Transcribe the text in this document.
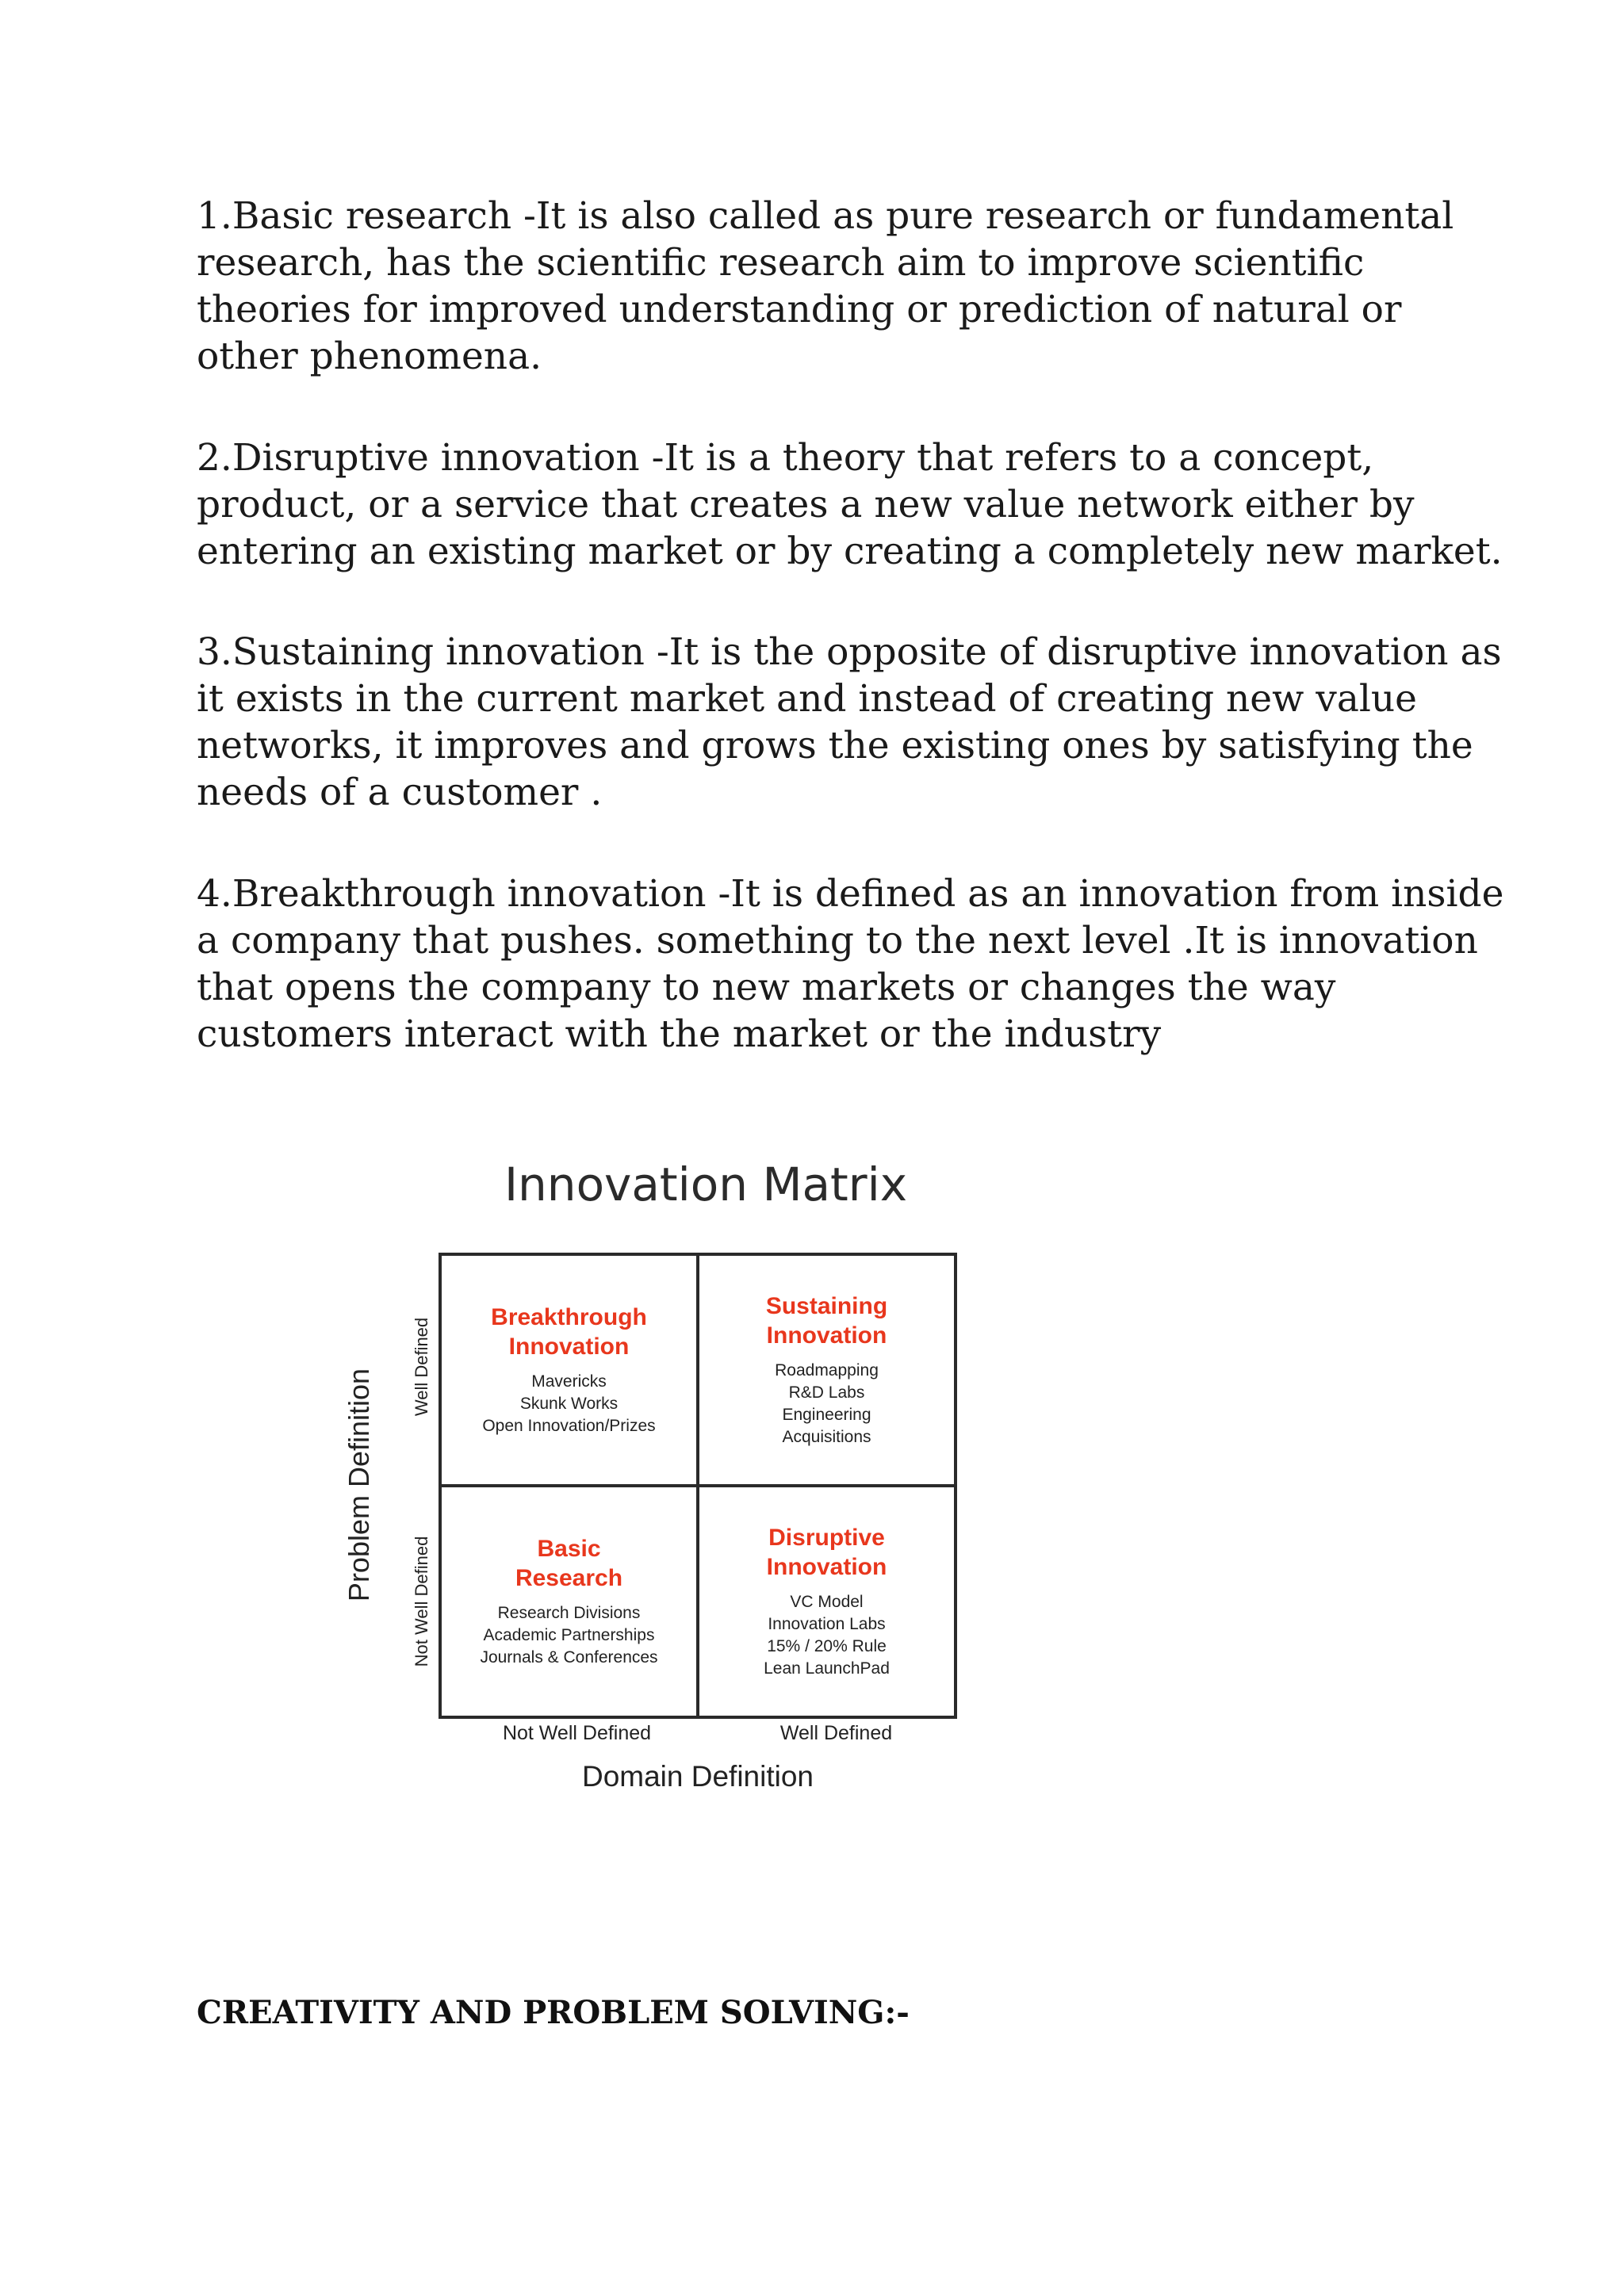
1.Basic research -It is also called as pure research or fundamental research, has the scientific research aim to improve scientific theories for improved understanding or prediction of natural or other phenomena.

2.Disruptive innovation -It is a theory that refers to a concept, product, or a service that creates a new value network either by entering an existing market or by creating a completely new market.

3.Sustaining innovation -It is the opposite of disruptive innovation as it exists in the current market and instead of creating new value networks, it improves and grows the existing ones by satisfying the needs of a customer .

4.Breakthrough innovation -It is defined as an innovation from inside a company that pushes. something to the next level .It is innovation that opens the company to new markets or changes the way customers interact with the market or the industry

Innovation Matrix
Problem Definition
Well Defined
Not Well Defined
Breakthrough
Innovation
Mavericks
Skunk Works
Open Innovation/Prizes
Sustaining
Innovation
Roadmapping
R&D Labs
Engineering
Acquisitions
Basic
Research
Research Divisions
Academic Partnerships
Journals & Conferences
Disruptive
Innovation
VC Model
Innovation Labs
15% / 20% Rule
Lean LaunchPad
Not Well Defined	Well Defined
Domain Definition
CREATIVITY AND PROBLEM SOLVING:-
